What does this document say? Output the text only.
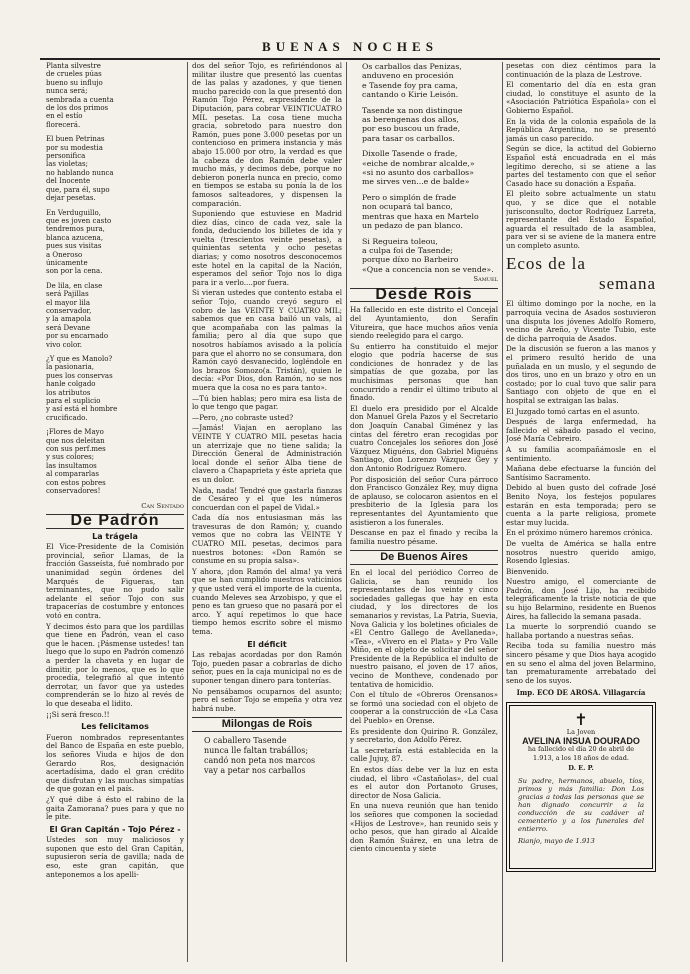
$_{BUENAS NOCHES}$
Planta silvestre
de crueles púas
bueno su influjo
nunca será;
sembrada a cuenta
de los dos primos
en el estío
florecerá.
El buen Petrinas
por su modestia
personifica
las violetas;
no hablando nunca
del Inocente
que, para él, supo
dejar pesetas.
En Verduguillo,
que es joven casto
tendremos pura,
blanca azucena,
pues sus visitas
a Oneroso
únicamente
son por la cena.
De lila, en clase
será Pajillas
el mayor lila
conservador,
y la amapola
será Devane
por su encarnado
vivo color.
¿Y que es Manolo?
la pasionaria,
pues los conservas
hanle colgado
los atributos
para el suplicio
y así está el hombre
crucificado.
¡Flores de Mayo
que nos deleitan
con sus perf.mes
y sus colores;
las insultamos
al compararlas
con estos pobres
conservadores!
Can Sentado
De Padrón
La trágela

El Vice-Presidente de la Comisión provincial, señor Llamas, de la fracción Gasseísta, fué nombrado por unanimidad según órdenes del Marqués de Figueras, tan terminantes, que no pudo salir adelante el señor Tojo con sus trapacerías de costumbre y entonces votó en contra.

Y decimos ésto para que los pardillas que tiene en Padrón, vean el caso que le hacen. ¡Pásmense ustedes! tan luego que lo supo en Padrón comenzó a perder la chaveta y en lugar de dimitir, por lo menos, que es lo que procedía, telegrafió al que intentó derrotar, un favor que ya ustedes comprenderán se lo hizo al revés de lo que deseaba el lidito.

¡¡Si será fresco.!!

Les felicitamos

Fueron nombrados representantes del Banco de España en este pueblo, los señores Viuda e hijos de don Gerardo Ros, designación acertadísima, dado el gran crédito que disfrutan y las muchas simpatías de que gozan en el país.

¿Y qué dibe á ésto el rabino de la gaita Zamorana? pues para y que no le pite.

El Gran Capitán - Tojo Pérez -

Ustedes son muy maliciosos y suponen que esto del Gran Capitán, supusieron sería de gavilla; nada de eso, este gran capitán, que anteponemos a los apelli-

dos del señor Tojo, es refiriéndonos al militar ilustre que presentó las cuentas de las palas y azadones, y que tienen mucho parecido con la que presentó don Ramón Tojo Pérez, expresidente de la Diputación, para cobrar VEINTICUATRO MIL pesetas. La cosa tiene mucha gracia, sobretodo para nuestro don Ramón, pues pone 3.000 pesetas por un contencioso en primera instancia y más abajo 15.000 por otro, la verdad es que la cabeza de don Ramón debe valer mucho más, y decimos debe, porque no debieron ponerla nunca en precio, como en tiempos se estaba su ponía la de los famosos salteadores, y dispensen la comparación.

Suponiendo que estuviese en Madrid diez días, cinco de cada vez, sale la fonda, deduciendo los billetes de ida y vuelta (trescientos veinte pesetas), a quinientas setenta y ocho pesetas diarias; y como nosotros desconocemos este hotel en la capital de la Nación, esperamos del señor Tojo nos lo diga para ir a verlo....por fuera.

Si vieran ustedes que contento estaba el señor Tojo, cuando creyó seguro el cobro de las VEINTE Y CUATRO MIL; sabemos que en casa bailó un vals, al que acompañaba con las palmas la familia; pero al día que supo que nosotros habíamos avisado a la policía para que el ahorro no se consumara, don Ramón cayó desvanecido, logléndole en los brazos Somozo(a. Tristán), quien le decía: «Por Dios, don Ramón, no se nos muera que la cosa no es para tanto».

—Tú bien hablas; pero mira esa lista de lo que tengo que pagar.

—Pero, ¿no cobraste usted?

—Jamás! Viajan en aeroplano las VEINTE Y CUATRO MIL pesetas hacia un aterrizaje que no tiene salida; la Dirección General de Administración local donde el señor Alba tiene de clavero a Chapaprieta y éste aprieta que es un dolor.

Nada, nada! Tendré que gastarla fianzas de Cesáreo y el que les números concuerdan con el papel de Vidal.»

Cada día nos entusiasman más las travesuras de don Ramón; y, cuando vemos que no cobra las VEINTE Y CUATRO MIL pesetas, decimos para nuestros botones: «Don Ramón se consume en su propia salsa».

Y ahora, ¡don Ramón del alma! ya verá que se han cumplido nuestros vaticinios y que usted verá el importe de la cuenta, cuando Meleves sea Arzobispo, y que el peno es tan grueso que no pasará por el arco. Y aquí repetimos lo que hace tiempo hemos escrito sobre el mismo tema.

El déficit

Las rebajas acordadas por don Ramón Tojo, pueden pasar a cobrarlas de dicho señor, pues en la caja municipal no es de suponer tengan dinero para tonterías.

No pensábamos ocuparnos del asunto; pero el señor Tojo se empeña y otra vez habrá nube.

Milongas de Rois
O caballero Tasende
nunca lle faltan trabállos;
candó non peta nos marcos
vay a petar nos carballos
Os carballos das Penizas,
anduveno en procesión
e Tasende foy pra cama,
cantando o Kirie Leisón.
Tasende xa non distingue
as berengenas dos allos,
por eso buscou un frade,
para tasar os carballos.
Dixolle Tasende o frade,
«eiche de nombrar alcalde,»
«si no asunto dos carballos»
me sirves ven...e de balde»
Pero o simplón de frade
non ocupará tal banco,
mentras que haxa en Martelo
un pedazo de pan blanco.
Si Regueira toleou,
a culpa foi de Tasende;
porque díxo no Barbeiro
«Que a concencia non se vende».
Samuel
Desde Rois

Ha fallecido en este distrito el Concejal del Ayuntamiento, don Serafín Vitureira, que hace muchos años venía siendo reelegido para el cargo.

Su entierro ha constituido el mejor elogio que podría hacerse de sus condiciones de honradez y de las simpatías de que gozaba, por las muchísimas personas que han concurrido a rendir el último tributo al finado.

El duelo era presidido por el Alcalde don Manuel Grela Pazos y el Secretario don Joaquín Canabal Giménez y las cintas del féretro eran recogidas por cuatro Concejales los señores don José Vázquez Miguéns, don Gabriel Miguéns Santiago, don Lorenzo Vázquez Gey y don Antonio Rodríguez Romero.

Por disposición del señor Cura párroco don Francisco González Rey, muy digna de aplauso, se colocaron asientos en el presbiterio de la Iglesia para los representantes del Ayuntamiento que asistieron a los funerales.

Descanse en paz el finado y reciba la familia nuestro pésame.

De Buenos Aires

En el local del periódico Correo de Galicia, se han reunido los representantes de los veinte y cinco sociedades gallegas que hay en esta ciudad, y los directores de los semanarios y revistas, La Patria, Suevia, Nova Galicia y los boletines oficiales de «El Centro Gallego de Avellaneda», «Tea», «Vivero en el Plata» y Pro Valle Miño, en el objeto de solicitar del señor Presidente de la República el indulto de nuestro paisano, el joven de 17 años, vecino de Montheve, condenado por tentativa de homicidio.

Con el título de «Obreros Orensanos» se formó una sociedad con el objeto de cooperar a la construcción de «La Casa del Pueblo» en Orense.

Es presidente don Quirino R. González, y secretario, don Adolfo Pérez.

La secretaría está establecida en la calle Jujuy, 87.

En estos días debe ver la luz en esta ciudad, el libro «Castañolas», del cual es el autor don Portanoto Gruses, director de Nosa Galicia.

En una nueva reunión que han tenido los señores que componen la sociedad «Hijos de Lestrove», han reunido seis y ocho pesos, que han girado al Alcalde don Ramón Suárez, en una letra de ciento cincuenta y siete

pesetas con diez céntimos para la continuación de la plaza de Lestrove.

El comentario del día en esta gran ciudad, lo constituye el asunto de la «Asociación Patriótica Española» con el Gobierno Español.

En la vida de la colonia española de la República Argentina, no se presentó jamás un caso parecido.

Según se dice, la actitud del Gobierno Español está encuadrada en el más legítimo derecho, si se atiene a las partes del testamento con que el señor Casado hace su donación a España.

El pleito sobre actualmente un statu quo, y se dice que el notable jurisconsulto, doctor Rodríguez Larreta, representante del Estado Español, aguarda el resultado de la asamblea, para ver si se aviene de la manera entre un completo asunto.

Ecos de la
semana

El último domingo por la noche, en la parroquia vecina de Asados sostuvieron una disputa los jóvenes Adolfo Romero, vecino de Areño, y Vicente Tubio, este de dicha parroquia de Asados.

De la discusión se fueron a las manos y el primero resultó herido de una puñalada en un muslo, y el segundo de dos tiros, uno en un brazo y otro en un costado; por lo cual tuvo que salir para Santiago con objeto de que en el hospital se extraigan las balas.

El Juzgado tomó cartas en el asunto.

Después de larga enfermedad, ha fallecido el sábado pasado el vecino, José María Cebreiro.

A su familia acompañámosle en el sentimiento.

Mañana debe efectuarse la función del Santísimo Sacramento.

Debido al buen gusto del cofrade José Benito Noya, los festejos populares estarán en esta temporada; pero se cuenta a la parte religiosa, promete estar muy lucida.

En el próximo número haremos crónica.

De vuelta de América se halla entre nosotros nuestro querido amigo, Rosendo Iglesias.

Bienvenido.

Nuestro amigo, el comerciante de Padrón, don José Lijo, ha recibido telegráficamente la triste noticia de que su hijo Belarmino, residente en Buenos Aires, ha fallecido la semana pasada.

La muerte lo sorprendió cuando se hallaba portando a nuestras señas.

Reciba toda su familia nuestro más sincero pésame y que Dios haya acogido en su seno el alma del joven Belarmino, tan prematuramente arrebatado del seno de los suyos.

Imp. ECO DE AROSA. Villagarcía
✝
La Joven
AVELINA INSUA DOURADO
ha fallecido el día 20 de abril de 1.913, a los 18 años de edad.
D. E. P.
Su padre, hermanos, abuelo, tíos, primos y más familia: Don Los gracias a todas las personas que se han dignado concurrir a la conducción de su cadáver al cementerio y a los funerales del entierro.
Rianjo, mayo de 1.913
